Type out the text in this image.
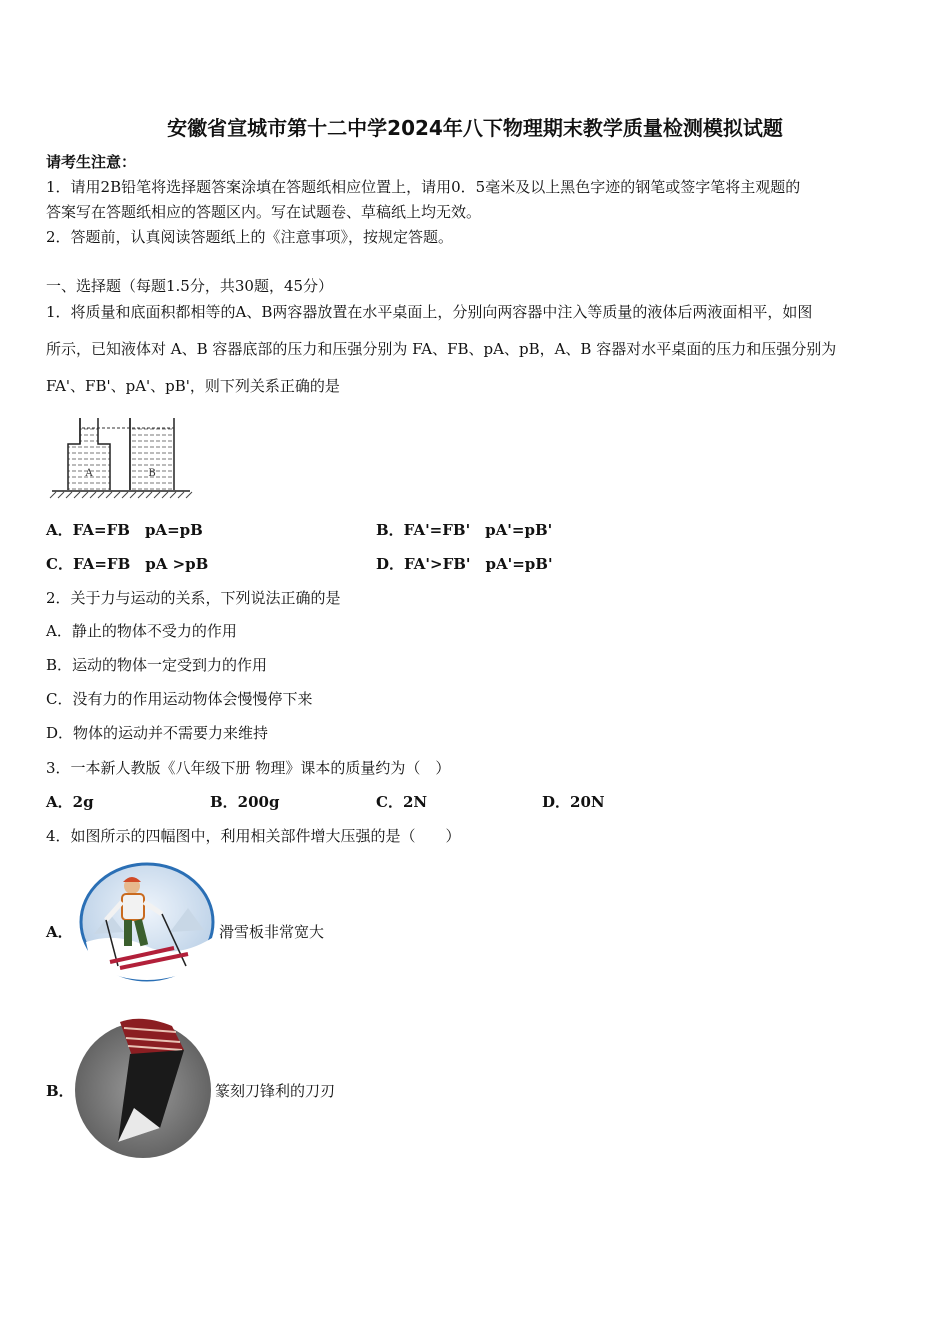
安徽省宣城市第十二中学2024年八下物理期末教学质量检测模拟试题
请考生注意：
1．请用2B铅笔将选择题答案涂填在答题纸相应位置上，请用0．5毫米及以上黑色字迹的钢笔或签字笔将主观题的
答案写在答题纸相应的答题区内。写在试题卷、草稿纸上均无效。
2．答题前，认真阅读答题纸上的《注意事项》，按规定答题。
一、选择题（每题1.5分，共30题，45分）
1．将质量和底面积都相等的A、B两容器放置在水平桌面上，分别向两容器中注入等质量的液体后两液面相平，如图
所示，已知液体对 A、B 容器底部的压力和压强分别为 FA、FB、pA、pB，A、B 容器对水平桌面的压力和压强分别为
FA'、FB'、pA'、pB'，则下列关系正确的是
A	B
A．FA=FB　pA=pB	B．FA'=FB'　pA'=pB'
C．FA=FB　pA >pB	D．FA'>FB'　pA'=pB'
2．关于力与运动的关系，下列说法正确的是
A．静止的物体不受力的作用
B．运动的物体一定受到力的作用
C．没有力的作用运动物体会慢慢停下来
D．物体的运动并不需要力来维持
3．一本新人教版《八年级下册 物理》课本的质量约为（　）
A．2g	B．200g	C．2N	D．20N
4．如图所示的四幅图中，利用相关部件增大压强的是（　　）
A．	滑雪板非常宽大
B．	篆刻刀锋利的刀刃
